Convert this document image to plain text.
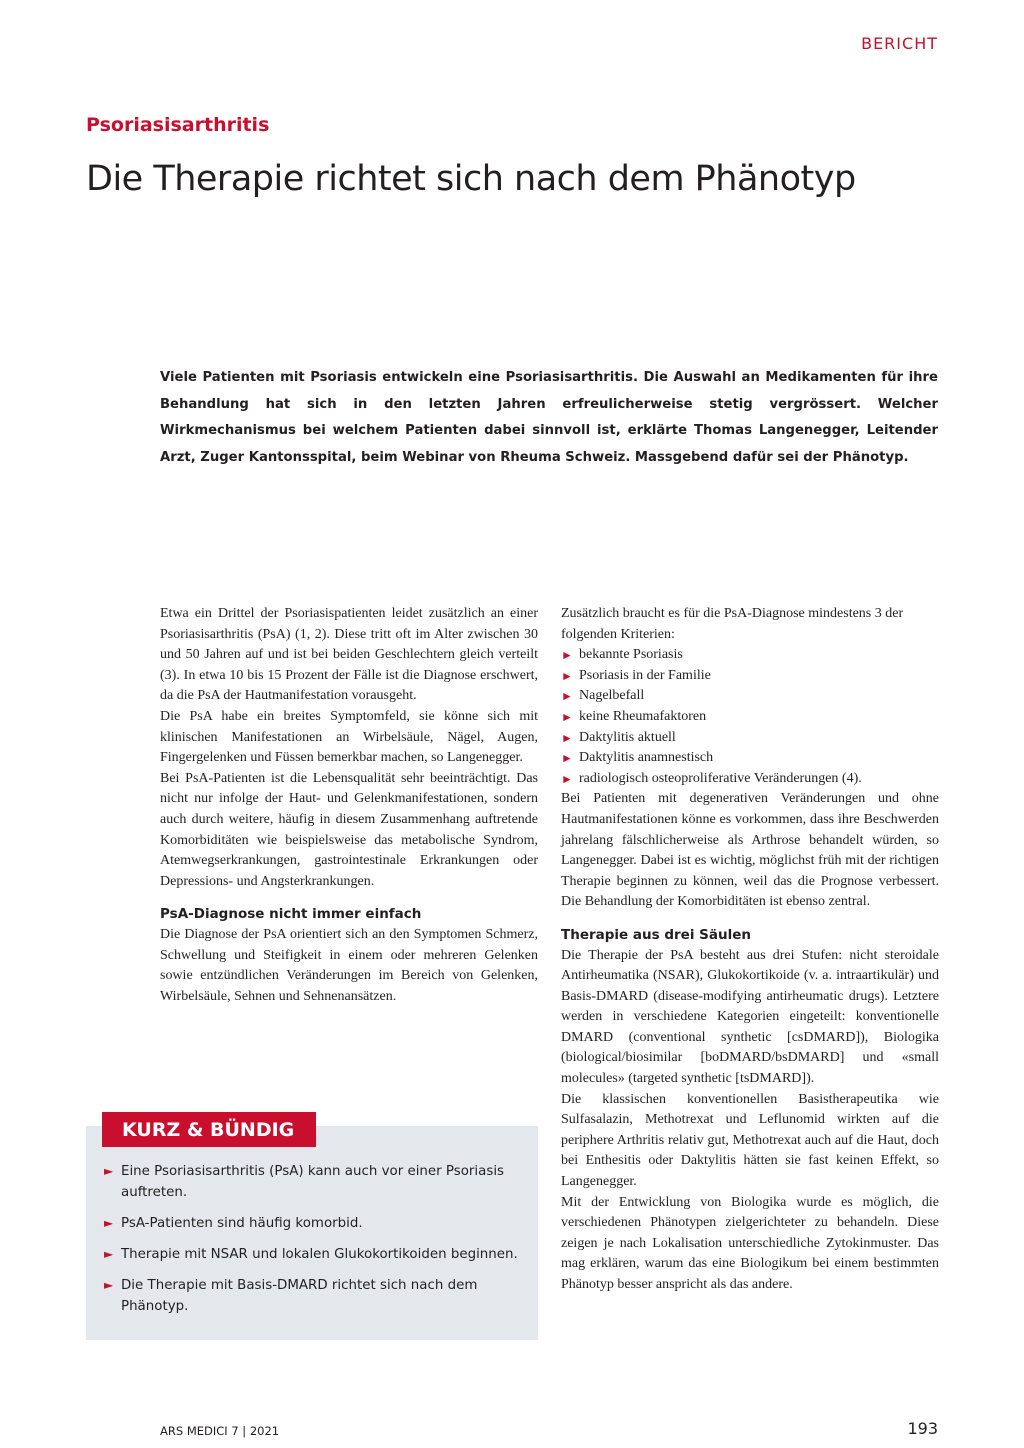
BERICHT
Psoriasisarthritis
Die Therapie richtet sich nach dem Phänotyp
Viele Patienten mit Psoriasis entwickeln eine Psoriasisarthritis. Die Auswahl an Medikamenten für ihre Behandlung hat sich in den letzten Jahren erfreulicherweise stetig vergrössert. Welcher Wirkmechanismus bei welchem Patienten dabei sinnvoll ist, erklärte Thomas Langenegger, Leitender Arzt, Zuger Kantonsspital, beim Webinar von Rheuma Schweiz. Massgebend dafür sei der Phänotyp.

Etwa ein Drittel der Psoriasispatienten leidet zusätzlich an einer Psoriasisarthritis (PsA) (1, 2). Diese tritt oft im Alter zwischen 30 und 50 Jahren auf und ist bei beiden Geschlechtern gleich verteilt (3). In etwa 10 bis 15 Prozent der Fälle ist die Diagnose erschwert, da die PsA der Hautmanifestation vorausgeht.

Die PsA habe ein breites Symptomfeld, sie könne sich mit klinischen Manifestationen an Wirbelsäule, Nägel, Augen, Fingergelenken und Füssen bemerkbar machen, so Langenegger.

Bei PsA-Patienten ist die Lebensqualität sehr beeinträchtigt. Das nicht nur infolge der Haut- und Gelenkmanifestationen, sondern auch durch weitere, häufig in diesem Zusammenhang auftretende Komorbiditäten wie beispielsweise das metabolische Syndrom, Atemwegserkrankungen, gastrointestinale Erkrankungen oder Depressions- und Angsterkrankungen.

PsA-Diagnose nicht immer einfach

Die Diagnose der PsA orientiert sich an den Symptomen Schmerz, Schwellung und Steifigkeit in einem oder mehreren Gelenken sowie entzündlichen Veränderungen im Bereich von Gelenken, Wirbelsäule, Sehnen und Sehnenansätzen.

Zusätzlich braucht es für die PsA-Diagnose mindestens 3 der folgenden Kriterien:

► bekannte Psoriasis
► Psoriasis in der Familie
► Nagelbefall
► keine Rheumafaktoren
► Daktylitis aktuell
► Daktylitis anamnestisch
► radiologisch osteoproliferative Veränderungen (4).

Bei Patienten mit degenerativen Veränderungen und ohne Hautmanifestationen könne es vorkommen, dass ihre Beschwerden jahrelang fälschlicherweise als Arthrose behandelt würden, so Langenegger. Dabei ist es wichtig, möglichst früh mit der richtigen Therapie beginnen zu können, weil das die Prognose verbessert. Die Behandlung der Komorbiditäten ist ebenso zentral.

Therapie aus drei Säulen

Die Therapie der PsA besteht aus drei Stufen: nicht steroidale Antirheumatika (NSAR), Glukokortikoide (v. a. intraartikulär) und Basis-DMARD (disease-modifying antirheumatic drugs). Letztere werden in verschiedene Kategorien eingeteilt: konventionelle DMARD (conventional synthetic [csDMARD]), Biologika (biological/biosimilar [boDMARD/bsDMARD] und «small molecules» (targeted synthetic [tsDMARD]).

Die klassischen konventionellen Basistherapeutika wie Sulfasalazin, Methotrexat und Leflunomid wirkten auf die periphere Arthritis relativ gut, Methotrexat auch auf die Haut, doch bei Enthesitis oder Daktylitis hätten sie fast keinen Effekt, so Langenegger.

Mit der Entwicklung von Biologika wurde es möglich, die verschiedenen Phänotypen zielgerichteter zu behandeln. Diese zeigen je nach Lokalisation unterschiedliche Zytokinmuster. Das mag erklären, warum das eine Biologikum bei einem bestimmten Phänotyp besser anspricht als das andere.

KURZ & BÜNDIG
► Eine Psoriasisarthritis (PsA) kann auch vor einer Psoriasis auftreten.
► PsA-Patienten sind häufig komorbid.
► Therapie mit NSAR und lokalen Glukokortikoiden beginnen.
► Die Therapie mit Basis-DMARD richtet sich nach dem Phänotyp.
ARS MEDICI 7 | 2021	193
